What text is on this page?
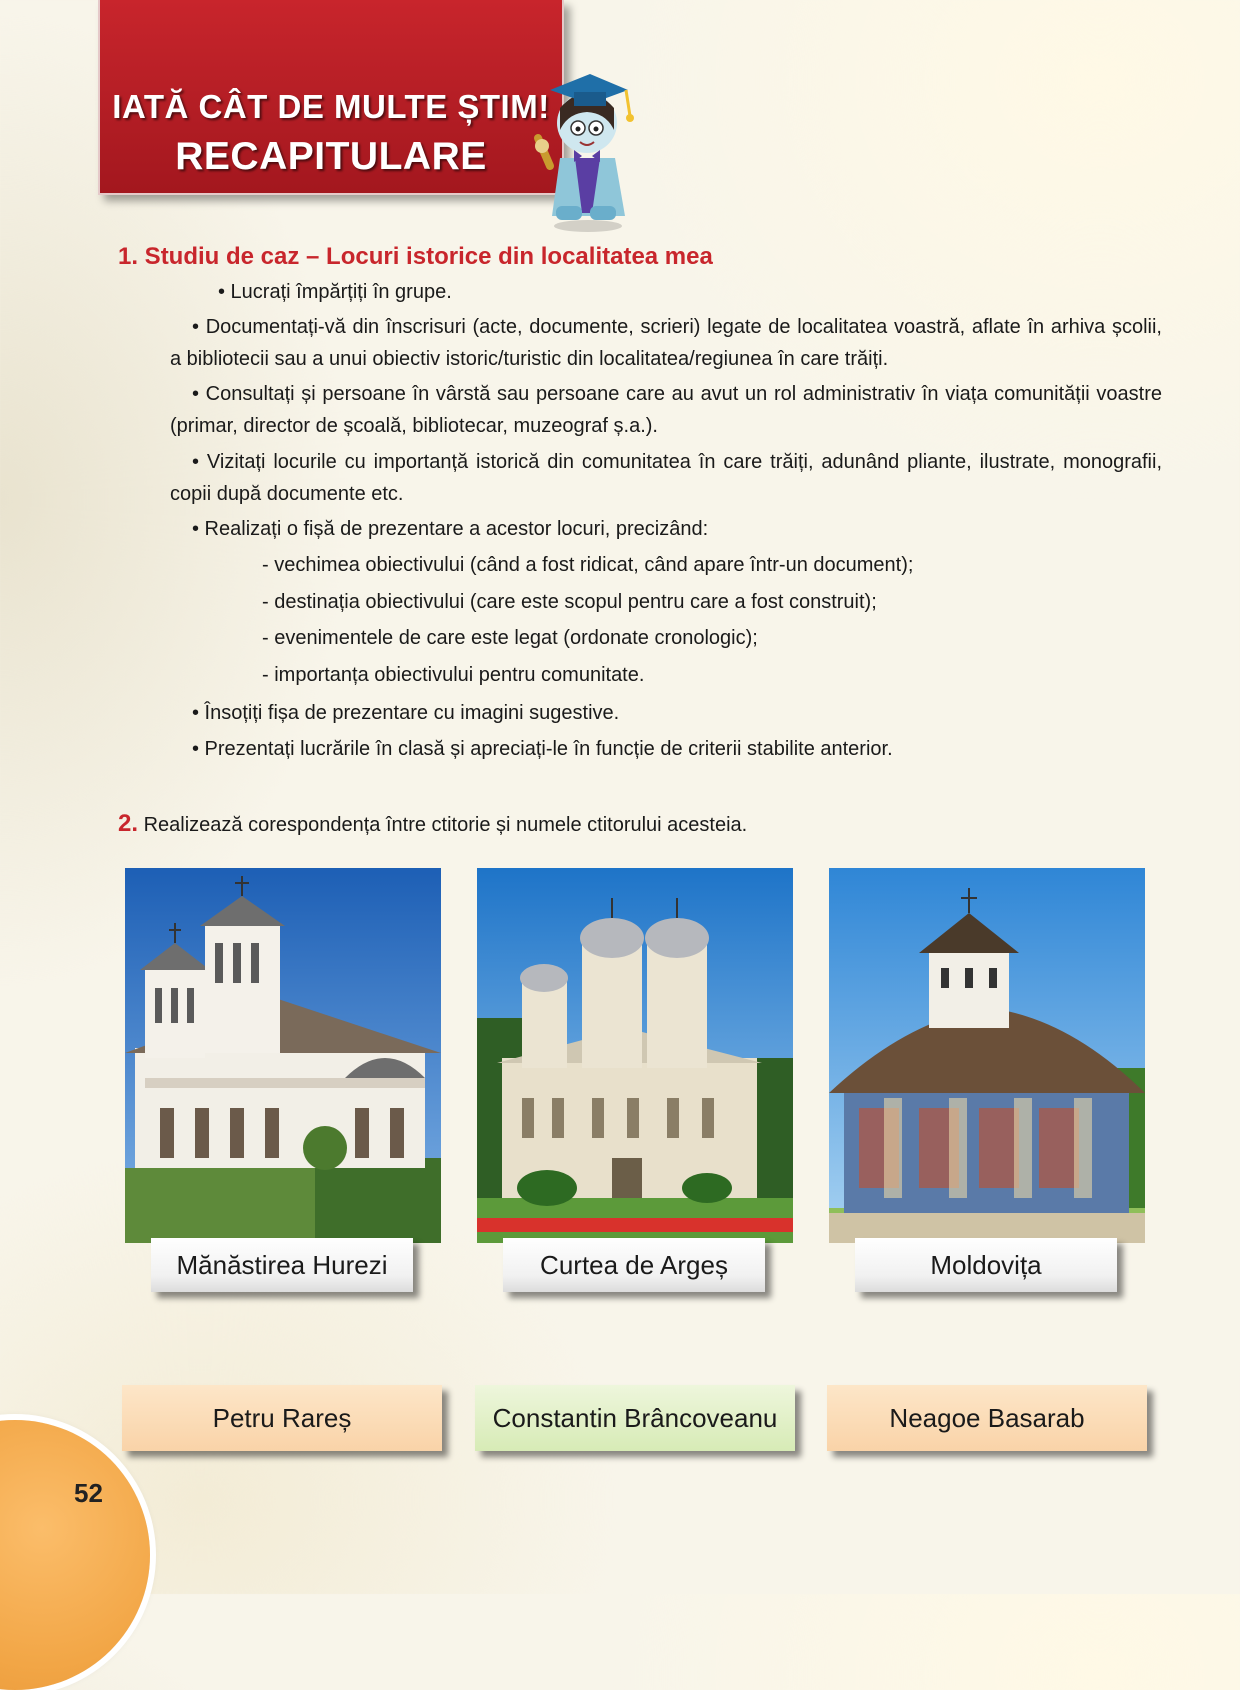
IATĂ CÂT DE MULTE ȘTIM!
RECAPITULARE
1. Studiu de caz – Locuri istorice din localitatea mea
• Lucrați împărțiți în grupe.
• Documentați-vă din înscrisuri (acte, documente, scrieri) legate de localitatea voastră, aflate în arhiva școlii, a bibliotecii sau a unui obiectiv istoric/turistic din localitatea/regiunea în care trăiți.
• Consultați și persoane în vârstă sau persoane care au avut un rol administrativ în viața comunității voastre (primar, director de școală, bibliotecar, muzeograf ș.a.).
• Vizitați locurile cu importanță istorică din comunitatea în care trăiți, adunând pliante, ilustrate, monografii, copii după documente etc.
• Realizați o fișă de prezentare a acestor locuri, precizând:
- vechimea obiectivului (când a fost ridicat, când apare într-un document);
- destinația obiectivului (care este scopul pentru care a fost construit);
- evenimentele de care este legat (ordonate cronologic);
- importanța obiectivului pentru comunitate.
• Însoțiți fișa de prezentare cu imagini sugestive.
• Prezentați lucrările în clasă și apreciați-le în funcție de criterii stabilite anterior.
2. Realizează corespondența între ctitorie și numele ctitorului acesteia.
Mănăstirea Hurezi	Curtea de Argeș	Moldovița
Petru Rareș	Constantin Brâncoveanu	Neagoe Basarab
52
